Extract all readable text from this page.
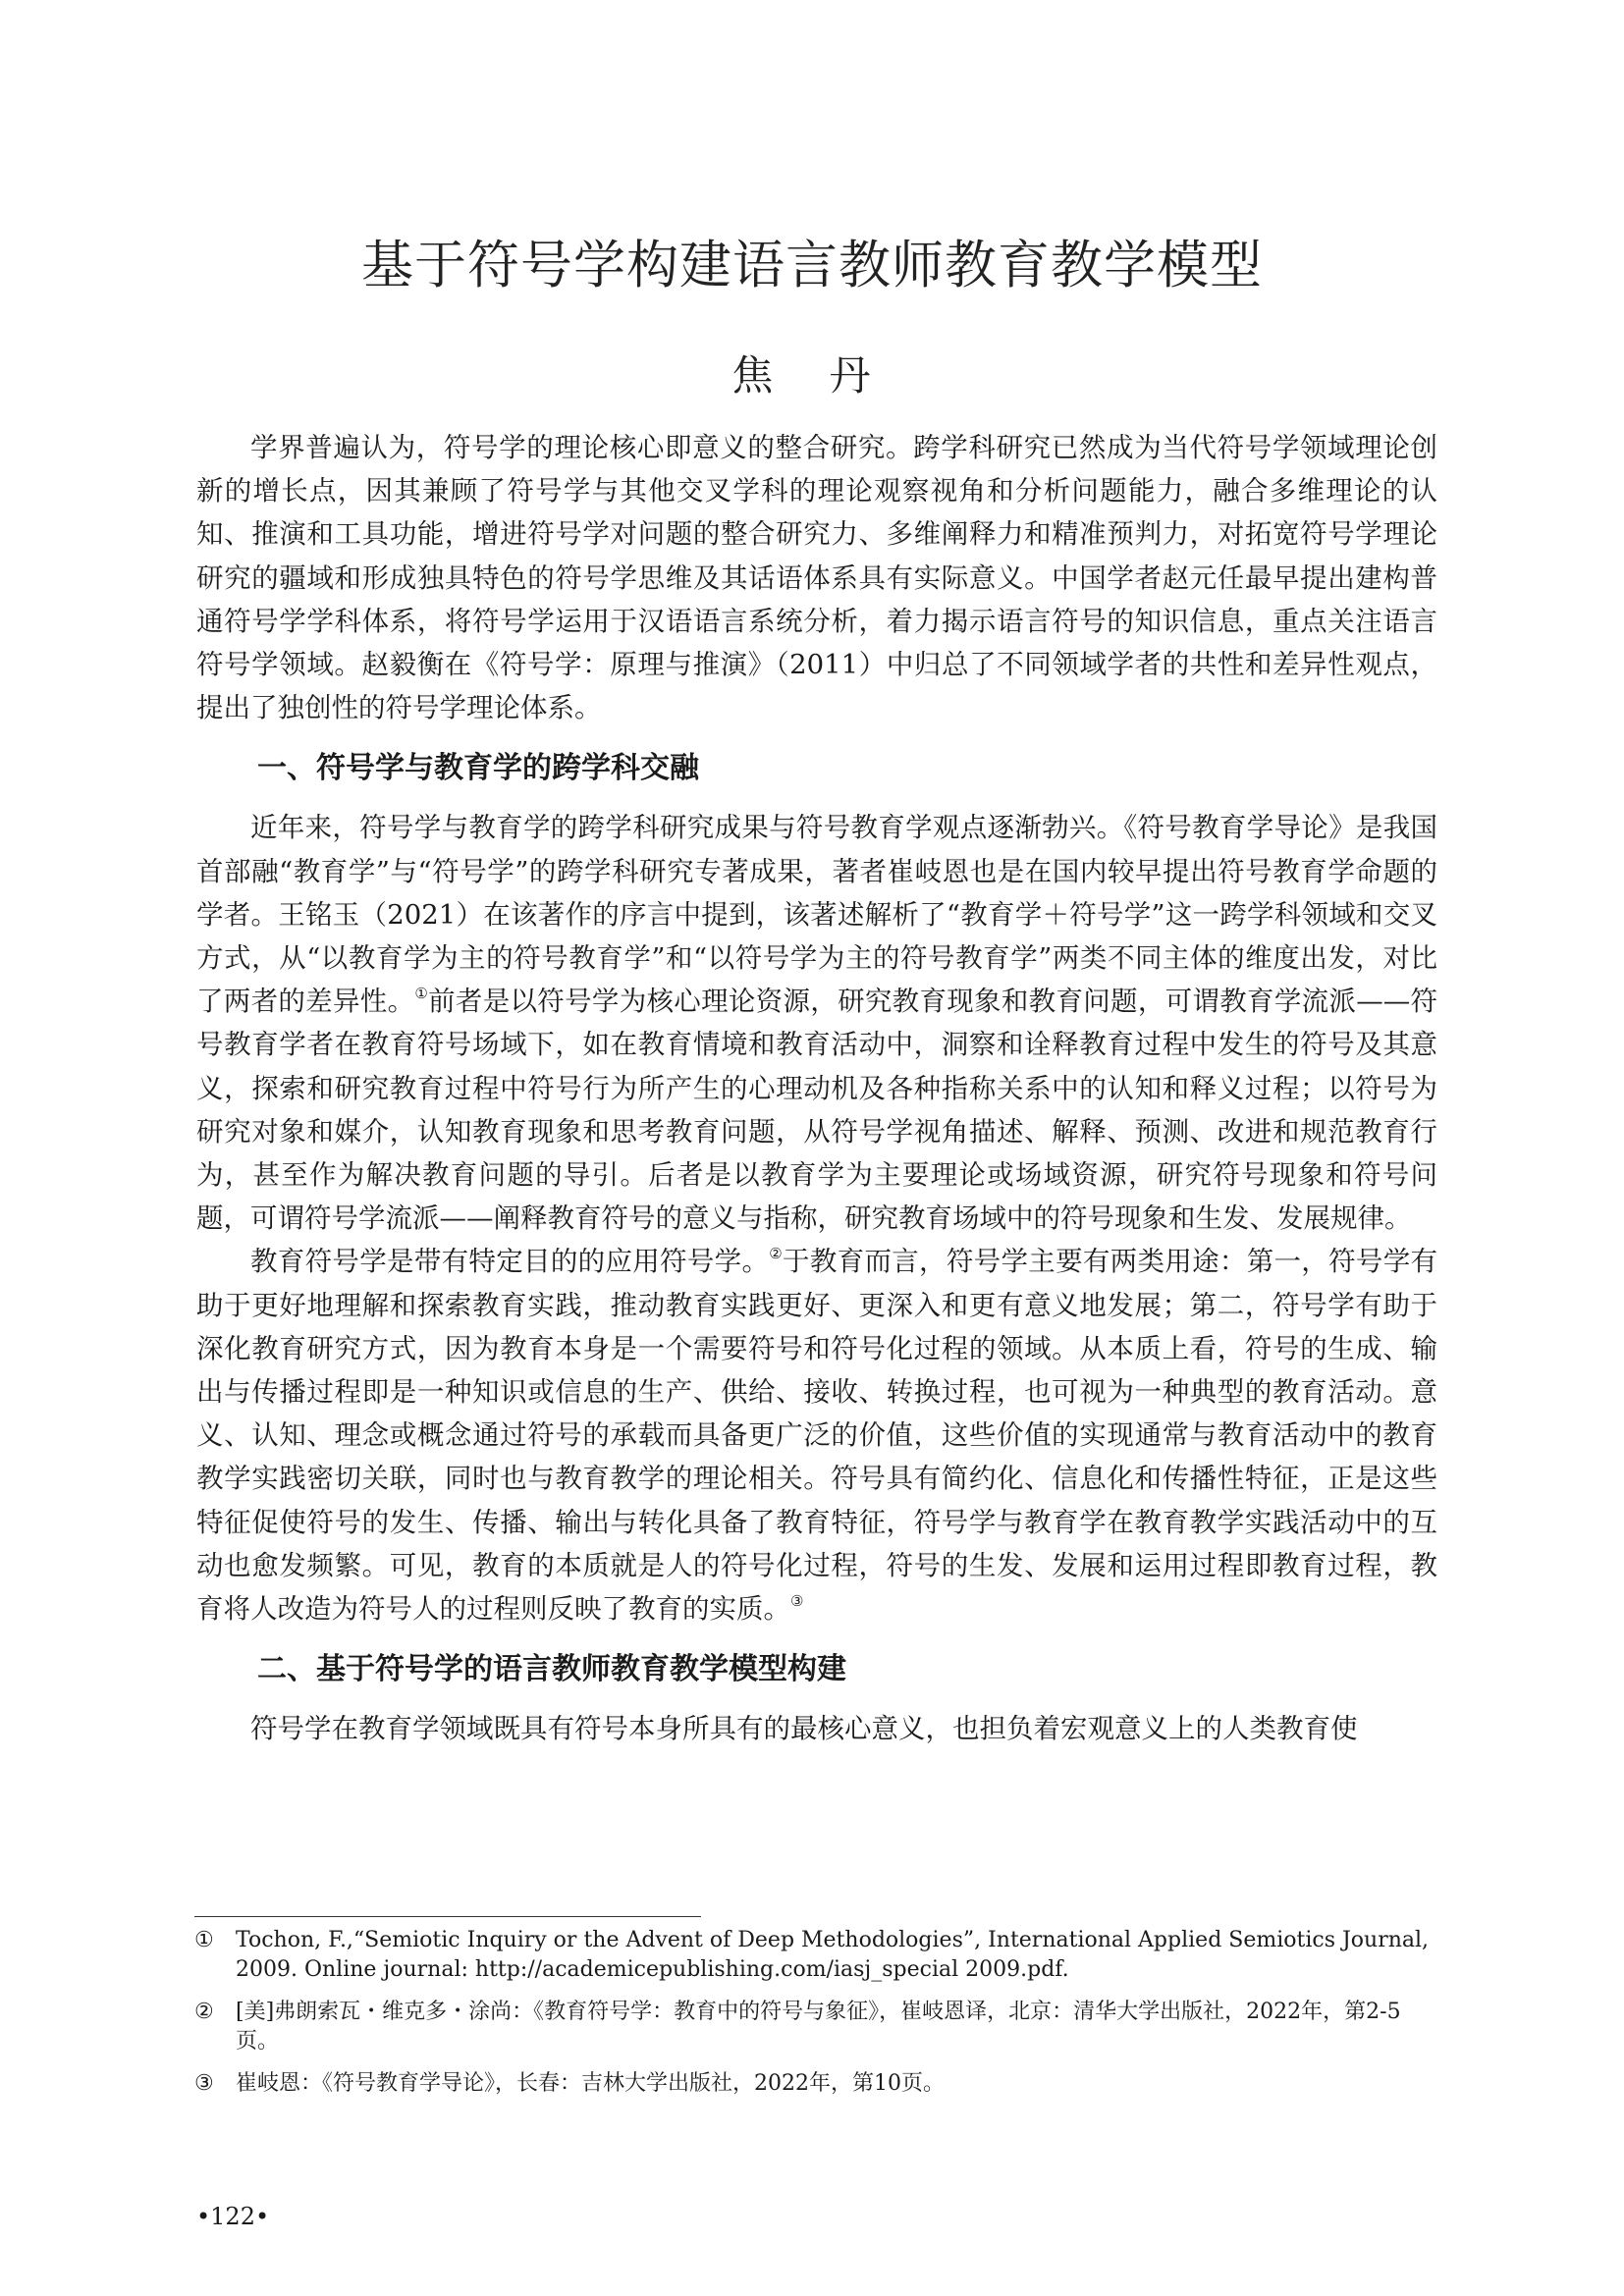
基于符号学构建语言教师教育教学模型
焦 丹

学界普遍认为，符号学的理论核心即意义的整合研究。跨学科研究已然成为当代符号学领域理论创新的增长点，因其兼顾了符号学与其他交叉学科的理论观察视角和分析问题能力，融合多维理论的认知、推演和工具功能，增进符号学对问题的整合研究力、多维阐释力和精准预判力，对拓宽符号学理论研究的疆域和形成独具特色的符号学思维及其话语体系具有实际意义。中国学者赵元任最早提出建构普通符号学学科体系，将符号学运用于汉语语言系统分析，着力揭示语言符号的知识信息，重点关注语言符号学领域。赵毅衡在《符号学：原理与推演》（2011）中归总了不同领域学者的共性和差异性观点，提出了独创性的符号学理论体系。

一、符号学与教育学的跨学科交融

近年来，符号学与教育学的跨学科研究成果与符号教育学观点逐渐勃兴。《符号教育学导论》是我国首部融“教育学”与“符号学”的跨学科研究专著成果，著者崔岐恩也是在国内较早提出符号教育学命题的学者。王铭玉（2021）在该著作的序言中提到，该著述解析了“教育学＋符号学”这一跨学科领域和交叉方式，从“以教育学为主的符号教育学”和“以符号学为主的符号教育学”两类不同主体的维度出发，对比了两者的差异性。①前者是以符号学为核心理论资源，研究教育现象和教育问题，可谓教育学流派——符号教育学者在教育符号场域下，如在教育情境和教育活动中，洞察和诠释教育过程中发生的符号及其意义，探索和研究教育过程中符号行为所产生的心理动机及各种指称关系中的认知和释义过程；以符号为研究对象和媒介，认知教育现象和思考教育问题，从符号学视角描述、解释、预测、改进和规范教育行为，甚至作为解决教育问题的导引。后者是以教育学为主要理论或场域资源，研究符号现象和符号问题，可谓符号学流派——阐释教育符号的意义与指称，研究教育场域中的符号现象和生发、发展规律。

教育符号学是带有特定目的的应用符号学。②于教育而言，符号学主要有两类用途：第一，符号学有助于更好地理解和探索教育实践，推动教育实践更好、更深入和更有意义地发展；第二，符号学有助于深化教育研究方式，因为教育本身是一个需要符号和符号化过程的领域。从本质上看，符号的生成、输出与传播过程即是一种知识或信息的生产、供给、接收、转换过程，也可视为一种典型的教育活动。意义、认知、理念或概念通过符号的承载而具备更广泛的价值，这些价值的实现通常与教育活动中的教育教学实践密切关联，同时也与教育教学的理论相关。符号具有简约化、信息化和传播性特征，正是这些特征促使符号的发生、传播、输出与转化具备了教育特征，符号学与教育学在教育教学实践活动中的互动也愈发频繁。可见，教育的本质就是人的符号化过程，符号的生发、发展和运用过程即教育过程，教育将人改造为符号人的过程则反映了教育的实质。③

二、基于符号学的语言教师教育教学模型构建

符号学在教育学领域既具有符号本身所具有的最核心意义，也担负着宏观意义上的人类教育使

①	Tochon, F.,“Semiotic Inquiry or the Advent of Deep Methodologies”, International Applied Semiotics Journal, 2009. Online journal: http://academicepublishing.com/iasj_special 2009.pdf.
②	[美]弗朗索瓦・维克多・涂尚：《教育符号学：教育中的符号与象征》，崔岐恩译，北京：清华大学出版社，2022年，第2-5页。
③	崔岐恩：《符号教育学导论》，长春：吉林大学出版社，2022年，第10页。
•122•
